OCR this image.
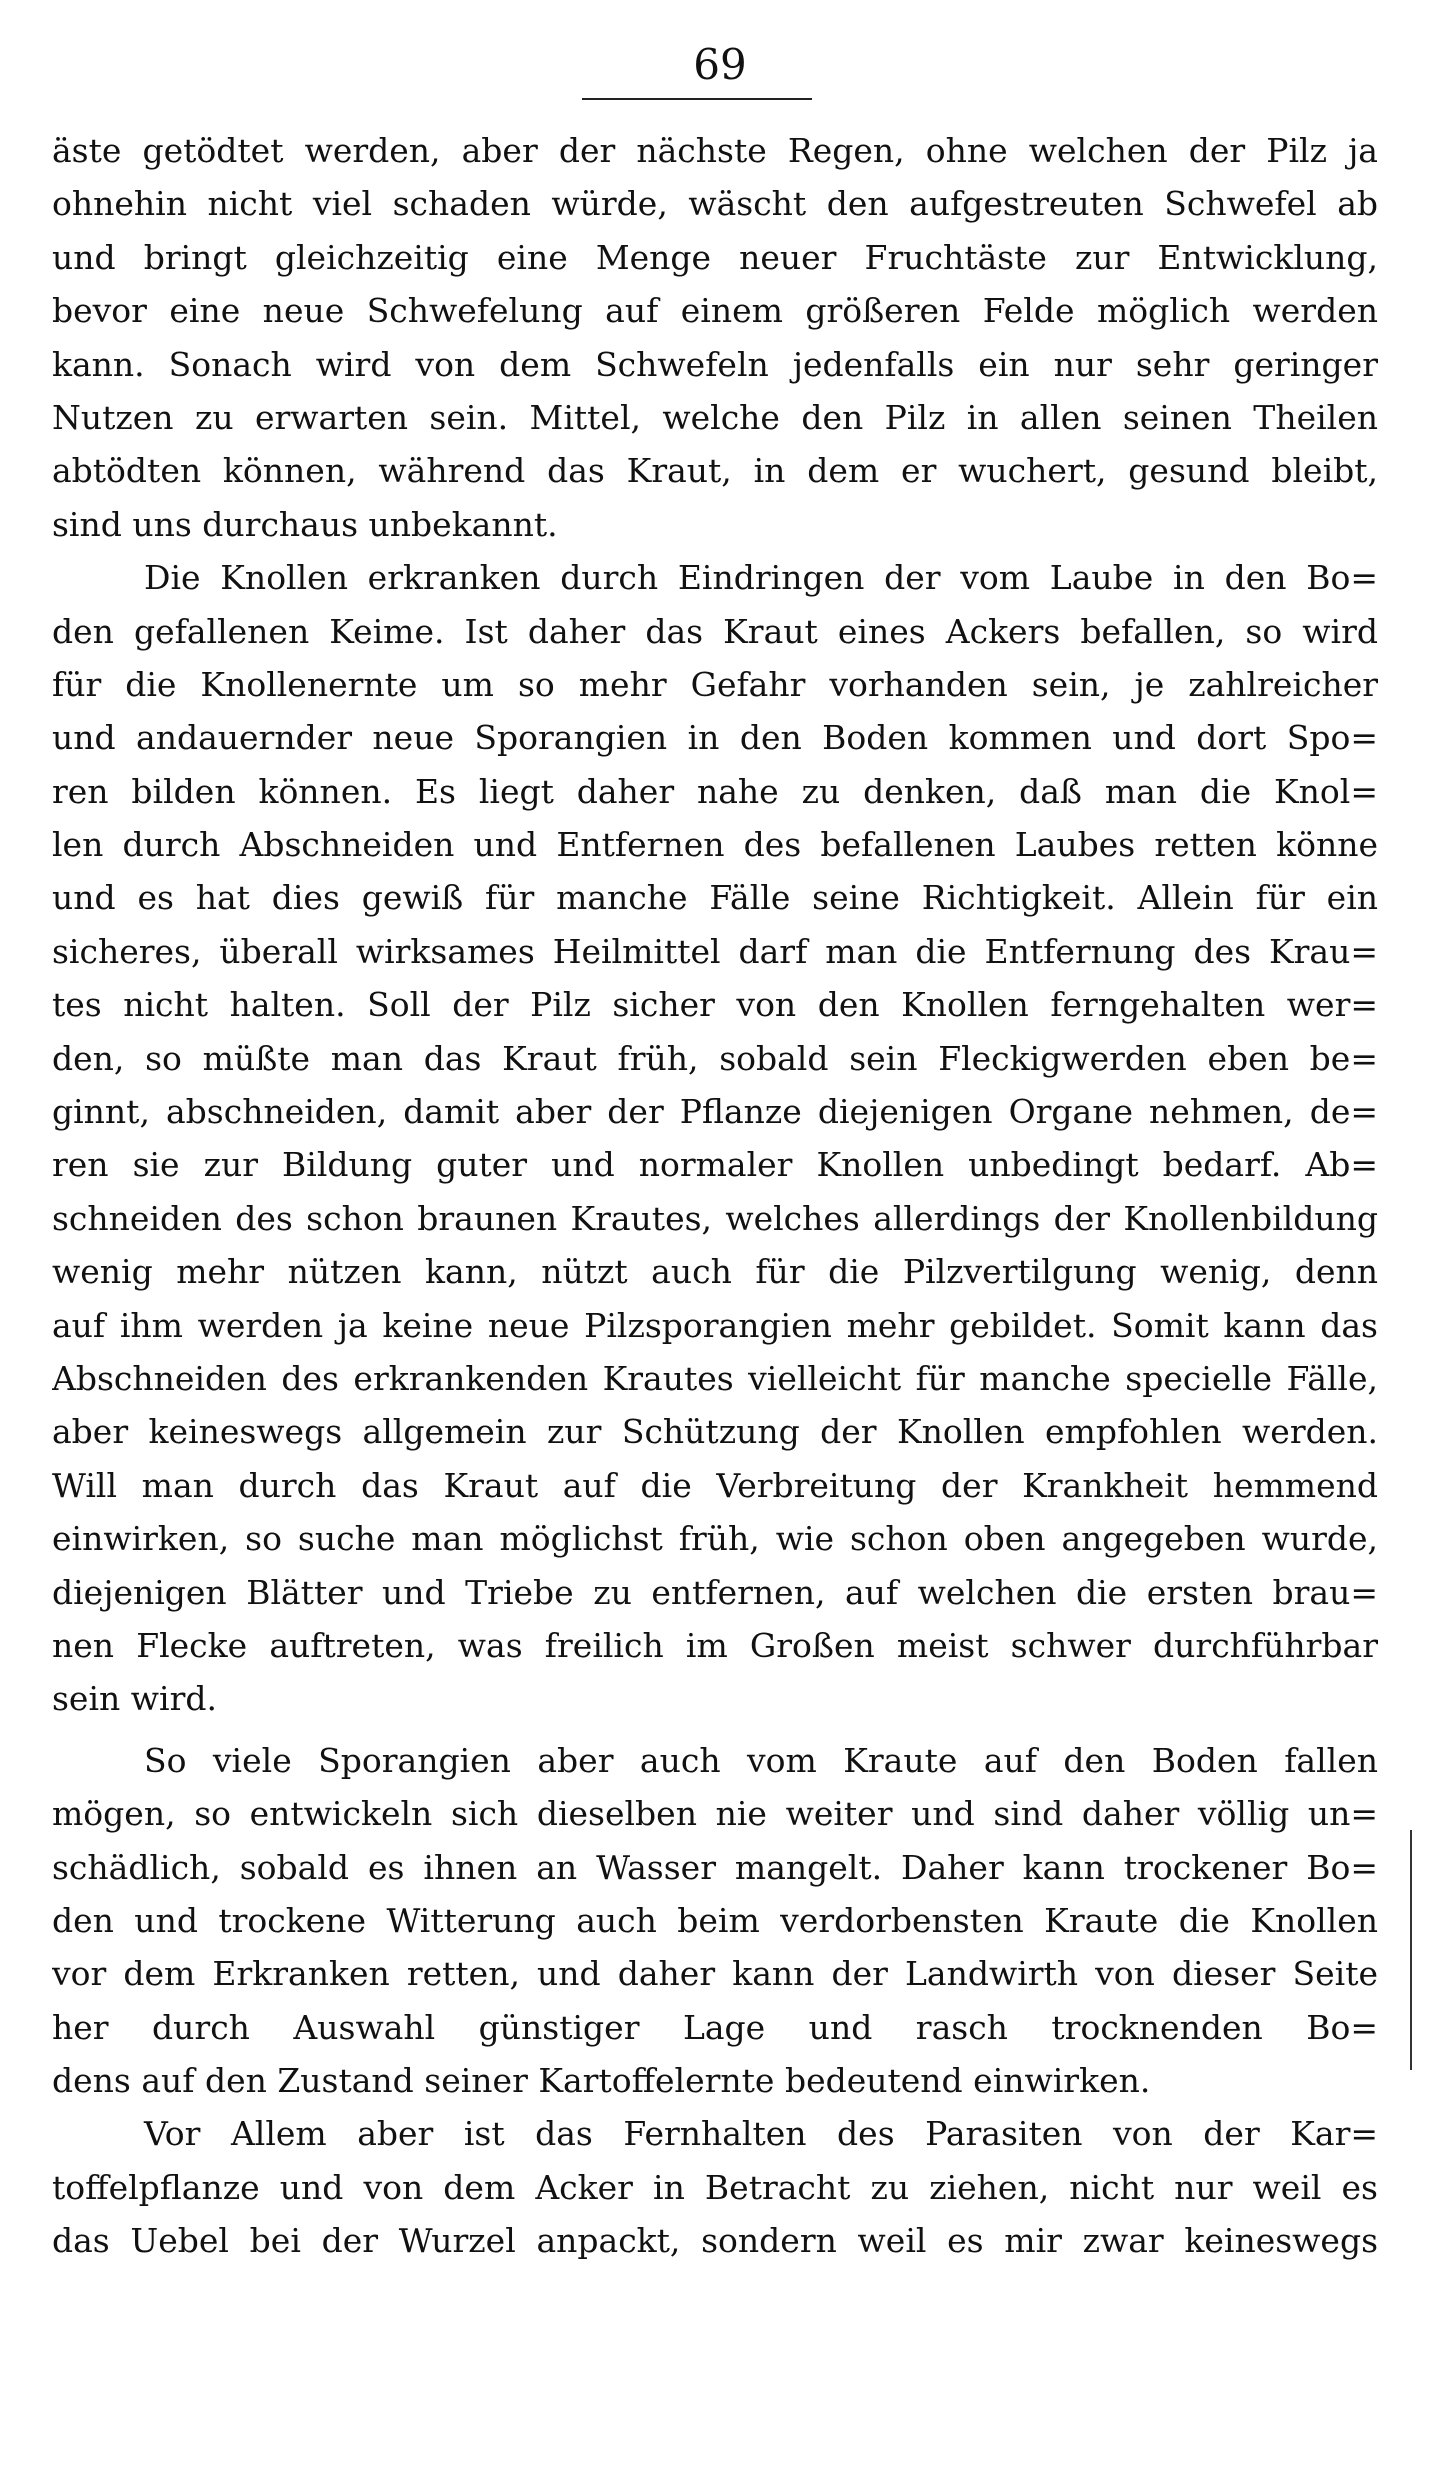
69
äste getödtet werden, aber der nächste Regen, ohne welchen der Pilz ja
ohnehin nicht viel schaden würde, wäscht den aufgestreuten Schwefel ab
und bringt gleichzeitig eine Menge neuer Fruchtäste zur Entwicklung,
bevor eine neue Schwefelung auf einem größeren Felde möglich werden
kann. Sonach wird von dem Schwefeln jedenfalls ein nur sehr geringer
Nutzen zu erwarten sein. Mittel, welche den Pilz in allen seinen Theilen
abtödten können, während das Kraut, in dem er wuchert, gesund bleibt,
sind uns durchaus unbekannt.
Die Knollen erkranken durch Eindringen der vom Laube in den Bo=
den gefallenen Keime. Ist daher das Kraut eines Ackers befallen, so wird
für die Knollenernte um so mehr Gefahr vorhanden sein, je zahlreicher
und andauernder neue Sporangien in den Boden kommen und dort Spo=
ren bilden können. Es liegt daher nahe zu denken, daß man die Knol=
len durch Abschneiden und Entfernen des befallenen Laubes retten könne
und es hat dies gewiß für manche Fälle seine Richtigkeit. Allein für ein
sicheres, überall wirksames Heilmittel darf man die Entfernung des Krau=
tes nicht halten. Soll der Pilz sicher von den Knollen ferngehalten wer=
den, so müßte man das Kraut früh, sobald sein Fleckigwerden eben be=
ginnt, abschneiden, damit aber der Pflanze diejenigen Organe nehmen, de=
ren sie zur Bildung guter und normaler Knollen unbedingt bedarf. Ab=
schneiden des schon braunen Krautes, welches allerdings der Knollenbildung
wenig mehr nützen kann, nützt auch für die Pilzvertilgung wenig, denn
auf ihm werden ja keine neue Pilzsporangien mehr gebildet. Somit kann das
Abschneiden des erkrankenden Krautes vielleicht für manche specielle Fälle,
aber keineswegs allgemein zur Schützung der Knollen empfohlen werden.
Will man durch das Kraut auf die Verbreitung der Krankheit hemmend
einwirken, so suche man möglichst früh, wie schon oben angegeben wurde,
diejenigen Blätter und Triebe zu entfernen, auf welchen die ersten brau=
nen Flecke auftreten, was freilich im Großen meist schwer durchführbar
sein wird.
So viele Sporangien aber auch vom Kraute auf den Boden fallen
mögen, so entwickeln sich dieselben nie weiter und sind daher völlig un=
schädlich, sobald es ihnen an Wasser mangelt. Daher kann trockener Bo=
den und trockene Witterung auch beim verdorbensten Kraute die Knollen
vor dem Erkranken retten, und daher kann der Landwirth von dieser Seite
her durch Auswahl günstiger Lage und rasch trocknenden Bo=
dens auf den Zustand seiner Kartoffelernte bedeutend einwirken.
Vor Allem aber ist das Fernhalten des Parasiten von der Kar=
toffelpflanze und von dem Acker in Betracht zu ziehen, nicht nur weil es
das Uebel bei der Wurzel anpackt, sondern weil es mir zwar keineswegs
